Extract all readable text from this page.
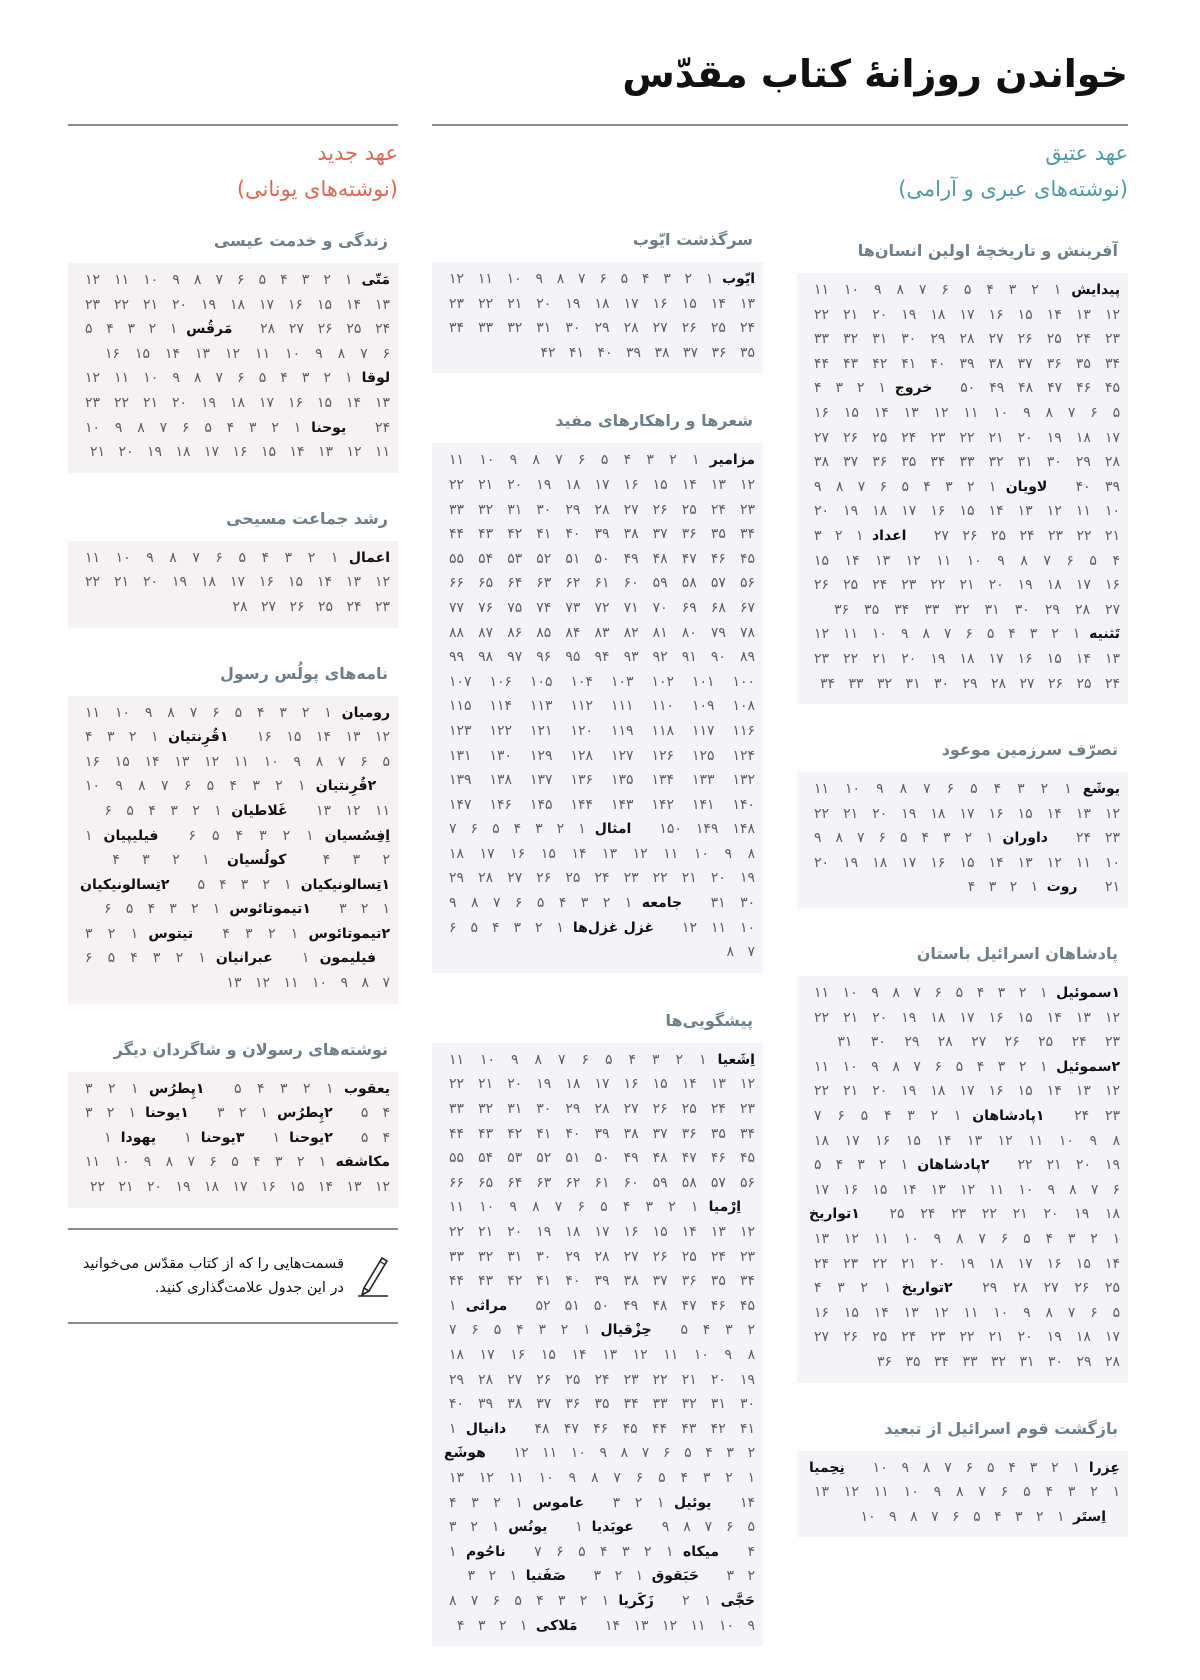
خواندن روزانهٔ کتاب مقدّس
عهد عتیق
(نوشته‌های عبری و آرامی)
آفرینش و تاریخچهٔ اولین انسان‌ها
پیدایش ۱ ۲ ۳ ۴ ۵ ۶ ۷ ۸ ۹ ۱۰ ۱۱ ۱۲ ۱۳ ۱۴ ۱۵ ۱۶ ۱۷ ۱۸ ۱۹ ۲۰ ۲۱ ۲۲ ۲۳ ۲۴ ۲۵ ۲۶ ۲۷ ۲۸ ۲۹ ۳۰ ۳۱ ۳۲ ۳۳ ۳۴ ۳۵ ۳۶ ۳۷ ۳۸ ۳۹ ۴۰ ۴۱ ۴۲ ۴۳ ۴۴ ۴۵ ۴۶ ۴۷ ۴۸ ۴۹ ۵۰ خروج ۱ ۲ ۳ ۴ ۵ ۶ ۷ ۸ ۹ ۱۰ ۱۱ ۱۲ ۱۳ ۱۴ ۱۵ ۱۶ ۱۷ ۱۸ ۱۹ ۲۰ ۲۱ ۲۲ ۲۳ ۲۴ ۲۵ ۲۶ ۲۷ ۲۸ ۲۹ ۳۰ ۳۱ ۳۲ ۳۳ ۳۴ ۳۵ ۳۶ ۳۷ ۳۸ ۳۹ ۴۰ لاویان ۱ ۲ ۳ ۴ ۵ ۶ ۷ ۸ ۹ ۱۰ ۱۱ ۱۲ ۱۳ ۱۴ ۱۵ ۱۶ ۱۷ ۱۸ ۱۹ ۲۰ ۲۱ ۲۲ ۲۳ ۲۴ ۲۵ ۲۶ ۲۷ اعداد ۱ ۲ ۳ ۴ ۵ ۶ ۷ ۸ ۹ ۱۰ ۱۱ ۱۲ ۱۳ ۱۴ ۱۵ ۱۶ ۱۷ ۱۸ ۱۹ ۲۰ ۲۱ ۲۲ ۲۳ ۲۴ ۲۵ ۲۶ ۲۷ ۲۸ ۲۹ ۳۰ ۳۱ ۳۲ ۳۳ ۳۴ ۳۵ ۳۶ تَثنیه ۱ ۲ ۳ ۴ ۵ ۶ ۷ ۸ ۹ ۱۰ ۱۱ ۱۲ ۱۳ ۱۴ ۱۵ ۱۶ ۱۷ ۱۸ ۱۹ ۲۰ ۲۱ ۲۲ ۲۳ ۲۴ ۲۵ ۲۶ ۲۷ ۲۸ ۲۹ ۳۰ ۳۱ ۳۲ ۳۳ ۳۴
تصرّف سرزمین موعود
یوشَع ۱ ۲ ۳ ۴ ۵ ۶ ۷ ۸ ۹ ۱۰ ۱۱ ۱۲ ۱۳ ۱۴ ۱۵ ۱۶ ۱۷ ۱۸ ۱۹ ۲۰ ۲۱ ۲۲ ۲۳ ۲۴ داوران ۱ ۲ ۳ ۴ ۵ ۶ ۷ ۸ ۹ ۱۰ ۱۱ ۱۲ ۱۳ ۱۴ ۱۵ ۱۶ ۱۷ ۱۸ ۱۹ ۲۰ ۲۱ روت ۱ ۲ ۳ ۴
پادشاهان اسرائیل باستان
۱سموئیل ۱ ۲ ۳ ۴ ۵ ۶ ۷ ۸ ۹ ۱۰ ۱۱ ۱۲ ۱۳ ۱۴ ۱۵ ۱۶ ۱۷ ۱۸ ۱۹ ۲۰ ۲۱ ۲۲ ۲۳ ۲۴ ۲۵ ۲۶ ۲۷ ۲۸ ۲۹ ۳۰ ۳۱ ۲سموئیل ۱ ۲ ۳ ۴ ۵ ۶ ۷ ۸ ۹ ۱۰ ۱۱ ۱۲ ۱۳ ۱۴ ۱۵ ۱۶ ۱۷ ۱۸ ۱۹ ۲۰ ۲۱ ۲۲ ۲۳ ۲۴ ۱پادشاهان ۱ ۲ ۳ ۴ ۵ ۶ ۷ ۸ ۹ ۱۰ ۱۱ ۱۲ ۱۳ ۱۴ ۱۵ ۱۶ ۱۷ ۱۸ ۱۹ ۲۰ ۲۱ ۲۲ ۲پادشاهان ۱ ۲ ۳ ۴ ۵ ۶ ۷ ۸ ۹ ۱۰ ۱۱ ۱۲ ۱۳ ۱۴ ۱۵ ۱۶ ۱۷ ۱۸ ۱۹ ۲۰ ۲۱ ۲۲ ۲۳ ۲۴ ۲۵ ۱تواریخ ۱ ۲ ۳ ۴ ۵ ۶ ۷ ۸ ۹ ۱۰ ۱۱ ۱۲ ۱۳ ۱۴ ۱۵ ۱۶ ۱۷ ۱۸ ۱۹ ۲۰ ۲۱ ۲۲ ۲۳ ۲۴ ۲۵ ۲۶ ۲۷ ۲۸ ۲۹ ۲تواریخ ۱ ۲ ۳ ۴ ۵ ۶ ۷ ۸ ۹ ۱۰ ۱۱ ۱۲ ۱۳ ۱۴ ۱۵ ۱۶ ۱۷ ۱۸ ۱۹ ۲۰ ۲۱ ۲۲ ۲۳ ۲۴ ۲۵ ۲۶ ۲۷ ۲۸ ۲۹ ۳۰ ۳۱ ۳۲ ۳۳ ۳۴ ۳۵ ۳۶
بازگشت قوم اسرائیل از تبعید
عِزرا ۱ ۲ ۳ ۴ ۵ ۶ ۷ ۸ ۹ ۱۰ نِحِمیا ۱ ۲ ۳ ۴ ۵ ۶ ۷ ۸ ۹ ۱۰ ۱۱ ۱۲ ۱۳ اِستَر ۱ ۲ ۳ ۴ ۵ ۶ ۷ ۸ ۹ ۱۰
سرگذشت ایّوب
ایّوب ۱ ۲ ۳ ۴ ۵ ۶ ۷ ۸ ۹ ۱۰ ۱۱ ۱۲ ۱۳ ۱۴ ۱۵ ۱۶ ۱۷ ۱۸ ۱۹ ۲۰ ۲۱ ۲۲ ۲۳ ۲۴ ۲۵ ۲۶ ۲۷ ۲۸ ۲۹ ۳۰ ۳۱ ۳۲ ۳۳ ۳۴ ۳۵ ۳۶ ۳۷ ۳۸ ۳۹ ۴۰ ۴۱ ۴۲
شعرها و راهکارهای مفید
مزامیر ۱ ۲ ۳ ۴ ۵ ۶ ۷ ۸ ۹ ۱۰ ۱۱ ۱۲ ۱۳ ۱۴ ۱۵ ۱۶ ۱۷ ۱۸ ۱۹ ۲۰ ۲۱ ۲۲ ۲۳ ۲۴ ۲۵ ۲۶ ۲۷ ۲۸ ۲۹ ۳۰ ۳۱ ۳۲ ۳۳ ۳۴ ۳۵ ۳۶ ۳۷ ۳۸ ۳۹ ۴۰ ۴۱ ۴۲ ۴۳ ۴۴ ۴۵ ۴۶ ۴۷ ۴۸ ۴۹ ۵۰ ۵۱ ۵۲ ۵۳ ۵۴ ۵۵ ۵۶ ۵۷ ۵۸ ۵۹ ۶۰ ۶۱ ۶۲ ۶۳ ۶۴ ۶۵ ۶۶ ۶۷ ۶۸ ۶۹ ۷۰ ۷۱ ۷۲ ۷۳ ۷۴ ۷۵ ۷۶ ۷۷ ۷۸ ۷۹ ۸۰ ۸۱ ۸۲ ۸۳ ۸۴ ۸۵ ۸۶ ۸۷ ۸۸ ۸۹ ۹۰ ۹۱ ۹۲ ۹۳ ۹۴ ۹۵ ۹۶ ۹۷ ۹۸ ۹۹ ۱۰۰ ۱۰۱ ۱۰۲ ۱۰۳ ۱۰۴ ۱۰۵ ۱۰۶ ۱۰۷ ۱۰۸ ۱۰۹ ۱۱۰ ۱۱۱ ۱۱۲ ۱۱۳ ۱۱۴ ۱۱۵ ۱۱۶ ۱۱۷ ۱۱۸ ۱۱۹ ۱۲۰ ۱۲۱ ۱۲۲ ۱۲۳ ۱۲۴ ۱۲۵ ۱۲۶ ۱۲۷ ۱۲۸ ۱۲۹ ۱۳۰ ۱۳۱ ۱۳۲ ۱۳۳ ۱۳۴ ۱۳۵ ۱۳۶ ۱۳۷ ۱۳۸ ۱۳۹ ۱۴۰ ۱۴۱ ۱۴۲ ۱۴۳ ۱۴۴ ۱۴۵ ۱۴۶ ۱۴۷ ۱۴۸ ۱۴۹ ۱۵۰ امثال ۱ ۲ ۳ ۴ ۵ ۶ ۷ ۸ ۹ ۱۰ ۱۱ ۱۲ ۱۳ ۱۴ ۱۵ ۱۶ ۱۷ ۱۸ ۱۹ ۲۰ ۲۱ ۲۲ ۲۳ ۲۴ ۲۵ ۲۶ ۲۷ ۲۸ ۲۹ ۳۰ ۳۱ جامعه ۱ ۲ ۳ ۴ ۵ ۶ ۷ ۸ ۹ ۱۰ ۱۱ ۱۲ غزل غزل‌ها ۱ ۲ ۳ ۴ ۵ ۶ ۷ ۸
پیشگویی‌ها
اِشَعیا ۱ ۲ ۳ ۴ ۵ ۶ ۷ ۸ ۹ ۱۰ ۱۱ ۱۲ ۱۳ ۱۴ ۱۵ ۱۶ ۱۷ ۱۸ ۱۹ ۲۰ ۲۱ ۲۲ ۲۳ ۲۴ ۲۵ ۲۶ ۲۷ ۲۸ ۲۹ ۳۰ ۳۱ ۳۲ ۳۳ ۳۴ ۳۵ ۳۶ ۳۷ ۳۸ ۳۹ ۴۰ ۴۱ ۴۲ ۴۳ ۴۴ ۴۵ ۴۶ ۴۷ ۴۸ ۴۹ ۵۰ ۵۱ ۵۲ ۵۳ ۵۴ ۵۵ ۵۶ ۵۷ ۵۸ ۵۹ ۶۰ ۶۱ ۶۲ ۶۳ ۶۴ ۶۵ ۶۶ اِرْمیا ۱ ۲ ۳ ۴ ۵ ۶ ۷ ۸ ۹ ۱۰ ۱۱ ۱۲ ۱۳ ۱۴ ۱۵ ۱۶ ۱۷ ۱۸ ۱۹ ۲۰ ۲۱ ۲۲ ۲۳ ۲۴ ۲۵ ۲۶ ۲۷ ۲۸ ۲۹ ۳۰ ۳۱ ۳۲ ۳۳ ۳۴ ۳۵ ۳۶ ۳۷ ۳۸ ۳۹ ۴۰ ۴۱ ۴۲ ۴۳ ۴۴ ۴۵ ۴۶ ۴۷ ۴۸ ۴۹ ۵۰ ۵۱ ۵۲ مراثی ۱ ۲ ۳ ۴ ۵ حِزْقیال ۱ ۲ ۳ ۴ ۵ ۶ ۷ ۸ ۹ ۱۰ ۱۱ ۱۲ ۱۳ ۱۴ ۱۵ ۱۶ ۱۷ ۱۸ ۱۹ ۲۰ ۲۱ ۲۲ ۲۳ ۲۴ ۲۵ ۲۶ ۲۷ ۲۸ ۲۹ ۳۰ ۳۱ ۳۲ ۳۳ ۳۴ ۳۵ ۳۶ ۳۷ ۳۸ ۳۹ ۴۰ ۴۱ ۴۲ ۴۳ ۴۴ ۴۵ ۴۶ ۴۷ ۴۸ دانیال ۱ ۲ ۳ ۴ ۵ ۶ ۷ ۸ ۹ ۱۰ ۱۱ ۱۲ هوشَع ۱ ۲ ۳ ۴ ۵ ۶ ۷ ۸ ۹ ۱۰ ۱۱ ۱۲ ۱۳ ۱۴ یوئیل ۱ ۲ ۳ عاموس ۱ ۲ ۳ ۴ ۵ ۶ ۷ ۸ ۹ عوبَدیا ۱ یونُس ۱ ۲ ۳ ۴ میکاه ۱ ۲ ۳ ۴ ۵ ۶ ۷ ناحُوم ۱ ۲ ۳ حَبَقوق ۱ ۲ ۳ صَفَنیا ۱ ۲ ۳ حَجَّی ۱ ۲ زَکَریا ۱ ۲ ۳ ۴ ۵ ۶ ۷ ۸ ۹ ۱۰ ۱۱ ۱۲ ۱۳ ۱۴ مَلاکی ۱ ۲ ۳ ۴
عهد جدید
(نوشته‌های یونانی)
زندگی و خدمت عیسی
مَتّی ۱ ۲ ۳ ۴ ۵ ۶ ۷ ۸ ۹ ۱۰ ۱۱ ۱۲ ۱۳ ۱۴ ۱۵ ۱۶ ۱۷ ۱۸ ۱۹ ۲۰ ۲۱ ۲۲ ۲۳ ۲۴ ۲۵ ۲۶ ۲۷ ۲۸ مَرقُس ۱ ۲ ۳ ۴ ۵ ۶ ۷ ۸ ۹ ۱۰ ۱۱ ۱۲ ۱۳ ۱۴ ۱۵ ۱۶ لوقا ۱ ۲ ۳ ۴ ۵ ۶ ۷ ۸ ۹ ۱۰ ۱۱ ۱۲ ۱۳ ۱۴ ۱۵ ۱۶ ۱۷ ۱۸ ۱۹ ۲۰ ۲۱ ۲۲ ۲۳ ۲۴ یوحنا ۱ ۲ ۳ ۴ ۵ ۶ ۷ ۸ ۹ ۱۰ ۱۱ ۱۲ ۱۳ ۱۴ ۱۵ ۱۶ ۱۷ ۱۸ ۱۹ ۲۰ ۲۱
رشد جماعت مسیحی
اعمال ۱ ۲ ۳ ۴ ۵ ۶ ۷ ۸ ۹ ۱۰ ۱۱ ۱۲ ۱۳ ۱۴ ۱۵ ۱۶ ۱۷ ۱۸ ۱۹ ۲۰ ۲۱ ۲۲ ۲۳ ۲۴ ۲۵ ۲۶ ۲۷ ۲۸
نامه‌های پولُس رسول
رومیان ۱ ۲ ۳ ۴ ۵ ۶ ۷ ۸ ۹ ۱۰ ۱۱ ۱۲ ۱۳ ۱۴ ۱۵ ۱۶ ۱قُرِنتیان ۱ ۲ ۳ ۴ ۵ ۶ ۷ ۸ ۹ ۱۰ ۱۱ ۱۲ ۱۳ ۱۴ ۱۵ ۱۶ ۲قُرِنتیان ۱ ۲ ۳ ۴ ۵ ۶ ۷ ۸ ۹ ۱۰ ۱۱ ۱۲ ۱۳ غَلاطیان ۱ ۲ ۳ ۴ ۵ ۶ اِفِسُسیان ۱ ۲ ۳ ۴ ۵ ۶ فیلیپیان ۱ ۲ ۳ ۴ کولُسیان ۱ ۲ ۳ ۴ ۱تِسالونیکیان ۱ ۲ ۳ ۴ ۵ ۲تِسالونیکیان ۱ ۲ ۳ ۱تیموتائوس ۱ ۲ ۳ ۴ ۵ ۶ ۲تیموتائوس ۱ ۲ ۳ ۴ تیتوس ۱ ۲ ۳ فیلیمون ۱ عبرانیان ۱ ۲ ۳ ۴ ۵ ۶ ۷ ۸ ۹ ۱۰ ۱۱ ۱۲ ۱۳
نوشته‌های رسولان و شاگردان دیگر
یعقوب ۱ ۲ ۳ ۴ ۵ ۱پِطرُس ۱ ۲ ۳ ۴ ۵ ۲پِطرُس ۱ ۲ ۳ ۱یوحنا ۱ ۲ ۳ ۴ ۵ ۲یوحنا ۱ ۳یوحنا ۱ یهودا ۱ مکاشفه ۱ ۲ ۳ ۴ ۵ ۶ ۷ ۸ ۹ ۱۰ ۱۱ ۱۲ ۱۳ ۱۴ ۱۵ ۱۶ ۱۷ ۱۸ ۱۹ ۲۰ ۲۱ ۲۲
قسمت‌هایی را که از کتاب مقدّس می‌خوانید
در این جدول علامت‌گذاری کنید.
